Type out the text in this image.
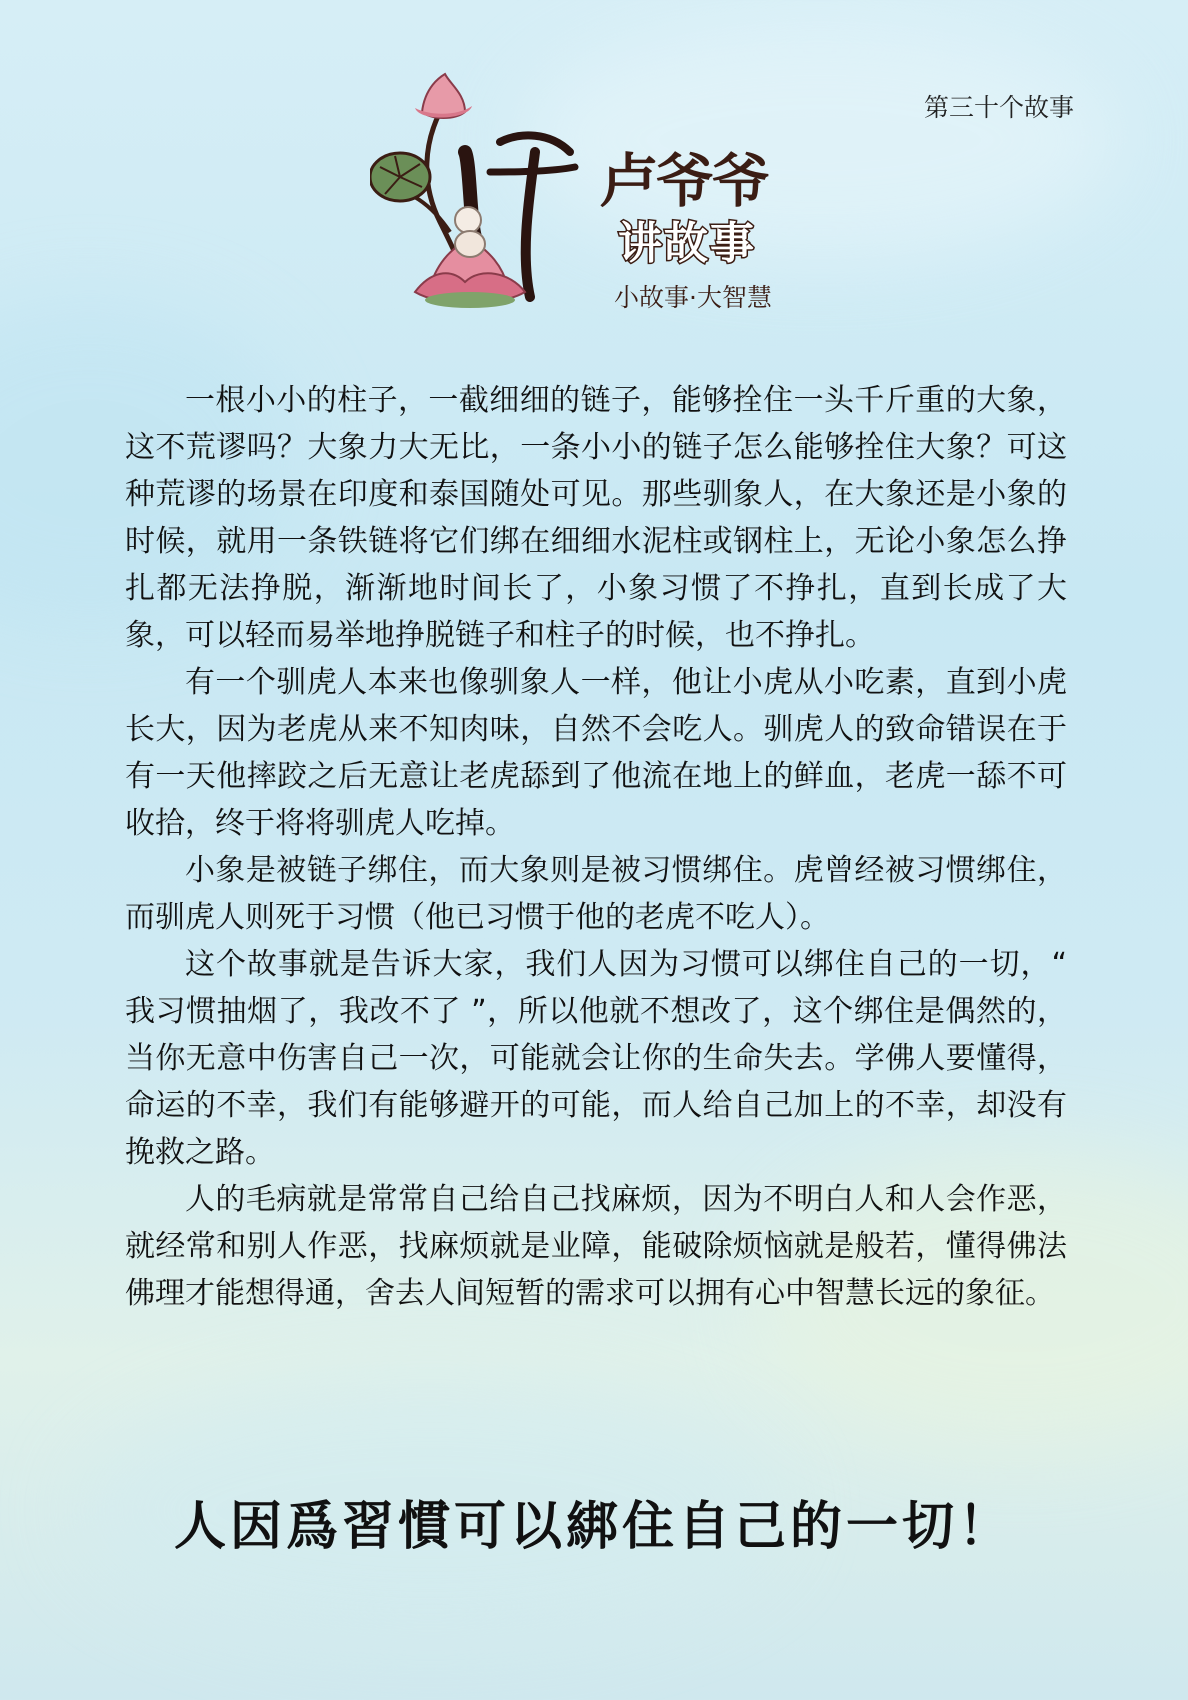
第三十个故事
卢爷爷
讲故事
小故事·大智慧

一根小小的柱子，一截细细的链子，能够拴住一头千斤重的大象，这不荒谬吗？大象力大无比，一条小小的链子怎么能够拴住大象？可这种荒谬的场景在印度和泰国随处可见。那些驯象人，在大象还是小象的时候，就用一条铁链将它们绑在细细水泥柱或钢柱上，无论小象怎么挣扎都无法挣脱，渐渐地时间长了，小象习惯了不挣扎，直到长成了大象，可以轻而易举地挣脱链子和柱子的时候，也不挣扎。

有一个驯虎人本来也像驯象人一样，他让小虎从小吃素，直到小虎长大，因为老虎从来不知肉味，自然不会吃人。驯虎人的致命错误在于有一天他摔跤之后无意让老虎舔到了他流在地上的鲜血，老虎一舔不可收拾，终于将将驯虎人吃掉。

小象是被链子绑住，而大象则是被习惯绑住。虎曾经被习惯绑住，而驯虎人则死于习惯（他已习惯于他的老虎不吃人）。

这个故事就是告诉大家，我们人因为习惯可以绑住自己的一切，“ 我习惯抽烟了，我改不了 ”，所以他就不想改了，这个绑住是偶然的，当你无意中伤害自己一次，可能就会让你的生命失去。学佛人要懂得，命运的不幸，我们有能够避开的可能，而人给自己加上的不幸，却没有挽救之路。

人的毛病就是常常自己给自己找麻烦，因为不明白人和人会作恶，就经常和别人作恶，找麻烦就是业障，能破除烦恼就是般若，懂得佛法佛理才能想得通，舍去人间短暂的需求可以拥有心中智慧长远的象征。

人因爲習慣可以綁住自己的一切！
